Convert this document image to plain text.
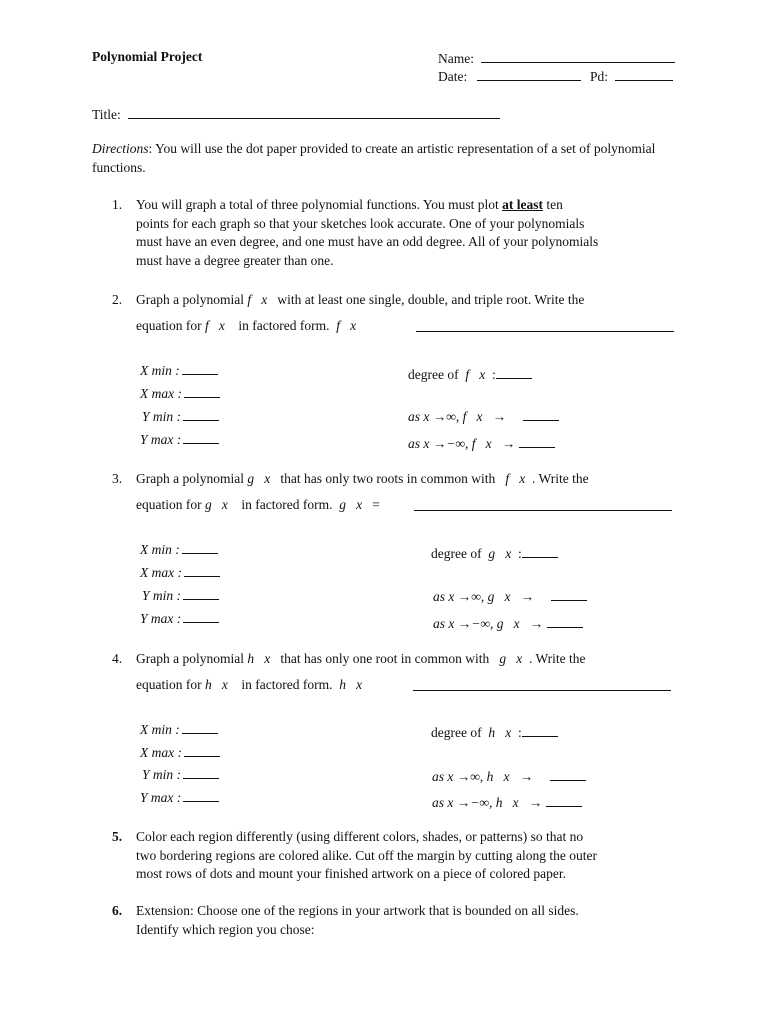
Polynomial Project	Name:
Date:	Pd:
Title:
Directions: You will use the dot paper provided to create an artistic representation of a set of polynomial functions.
1. You will graph a total of three polynomial functions. You must plot at least ten
points for each graph so that your sketches look accurate. One of your polynomials
must have an even degree, and one must have an odd degree. All of your polynomials
must have a degree greater than one.
2. Graph a polynomial f x   with at least one single, double, and triple root. Write the
equation for f x    in factored form. f x
X min :
X max :
Y min :
Y max :
degree of f x :
as x →∞, f x →
as x →−∞, f x →
3. Graph a polynomial g x   that has only two roots in common with   f x . Write the
equation for g x    in factored form. g x =
X min :
X max :
Y min :
Y max :
degree of g x :
as x →∞, g x →
as x →−∞, g x →
4. Graph a polynomial h x   that has only one root in common with   g x . Write the
equation for h x    in factored form. h x
X min :
X max :
Y min :
Y max :
degree of h x :
as x →∞, h x →
as x →−∞, h x →
5. Color each region differently (using different colors, shades, or patterns) so that no
two bordering regions are colored alike. Cut off the margin by cutting along the outer
most rows of dots and mount your finished artwork on a piece of colored paper.
6. Extension: Choose one of the regions in your artwork that is bounded on all sides.
Identify which region you chose:
